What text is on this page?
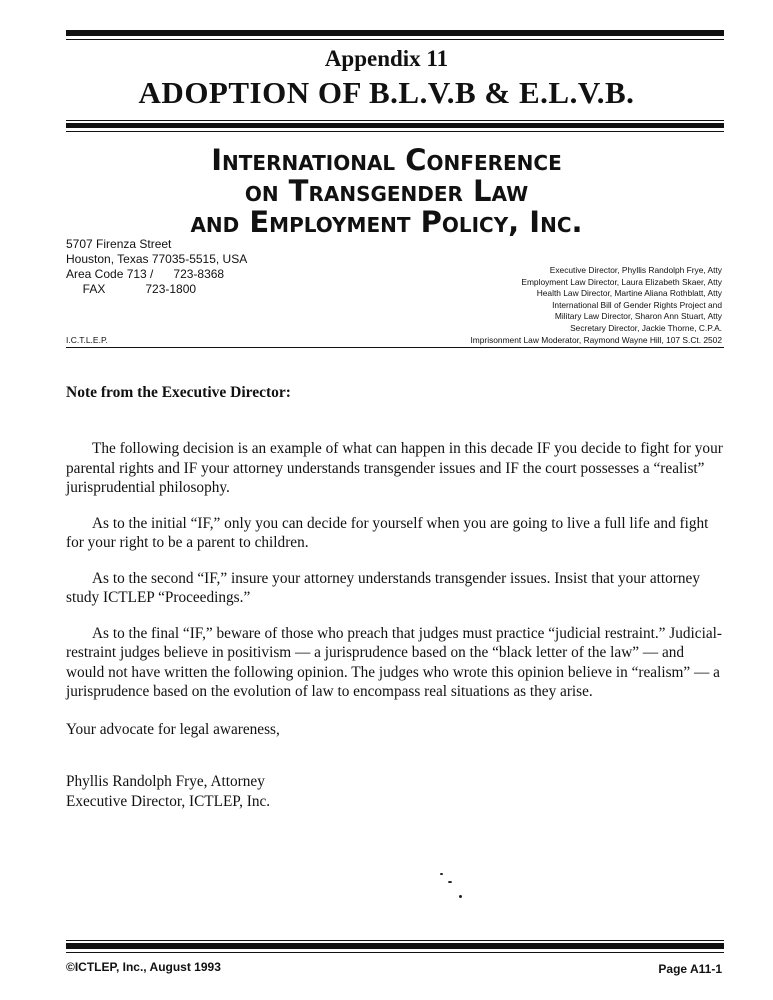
Appendix 11
ADOPTION OF B.L.V.B & E.L.V.B.
International Conference
on Transgender Law
and Employment Policy, Inc.
5707 Firenza Street
Houston, Texas 77035-5515, USA
Area Code 713 /      723-8368
FAX            723-1800
Executive Director, Phyllis Randolph Frye, Atty
Employment Law Director, Laura Elizabeth Skaer, Atty
Health Law Director, Martine Aliana Rothblatt, Atty
International Bill of Gender Rights Project and
Military Law Director, Sharon Ann Stuart, Atty
Secretary Director, Jackie Thorne, C.P.A.
Imprisonment Law Moderator, Raymond Wayne Hill, 107 S.Ct. 2502
I.C.T.L.E.P.
Note from the Executive Director:

The following decision is an example of what can happen in this decade IF you decide to fight for your parental rights and IF your attorney understands transgender issues and IF the court possesses a “realist” jurisprudential philosophy.

As to the initial “IF,” only you can decide for yourself when you are going to live a full life and fight for your right to be a parent to children.

As to the second “IF,” insure your attorney understands transgender issues. Insist that your attorney study ICTLEP “Proceedings.”

As to the final “IF,” beware of those who preach that judges must practice “judicial restraint.” Judicial-restraint judges believe in positivism — a jurisprudence based on the “black letter of the law” — and would not have written the following opinion. The judges who wrote this opinion believe in “realism” — a jurisprudence based on the evolution of law to encompass real situations as they arise.

Your advocate for legal awareness,
Phyllis Randolph Frye, Attorney
Executive Director, ICTLEP, Inc.
©ICTLEP, Inc., August 1993	Page A11-1
